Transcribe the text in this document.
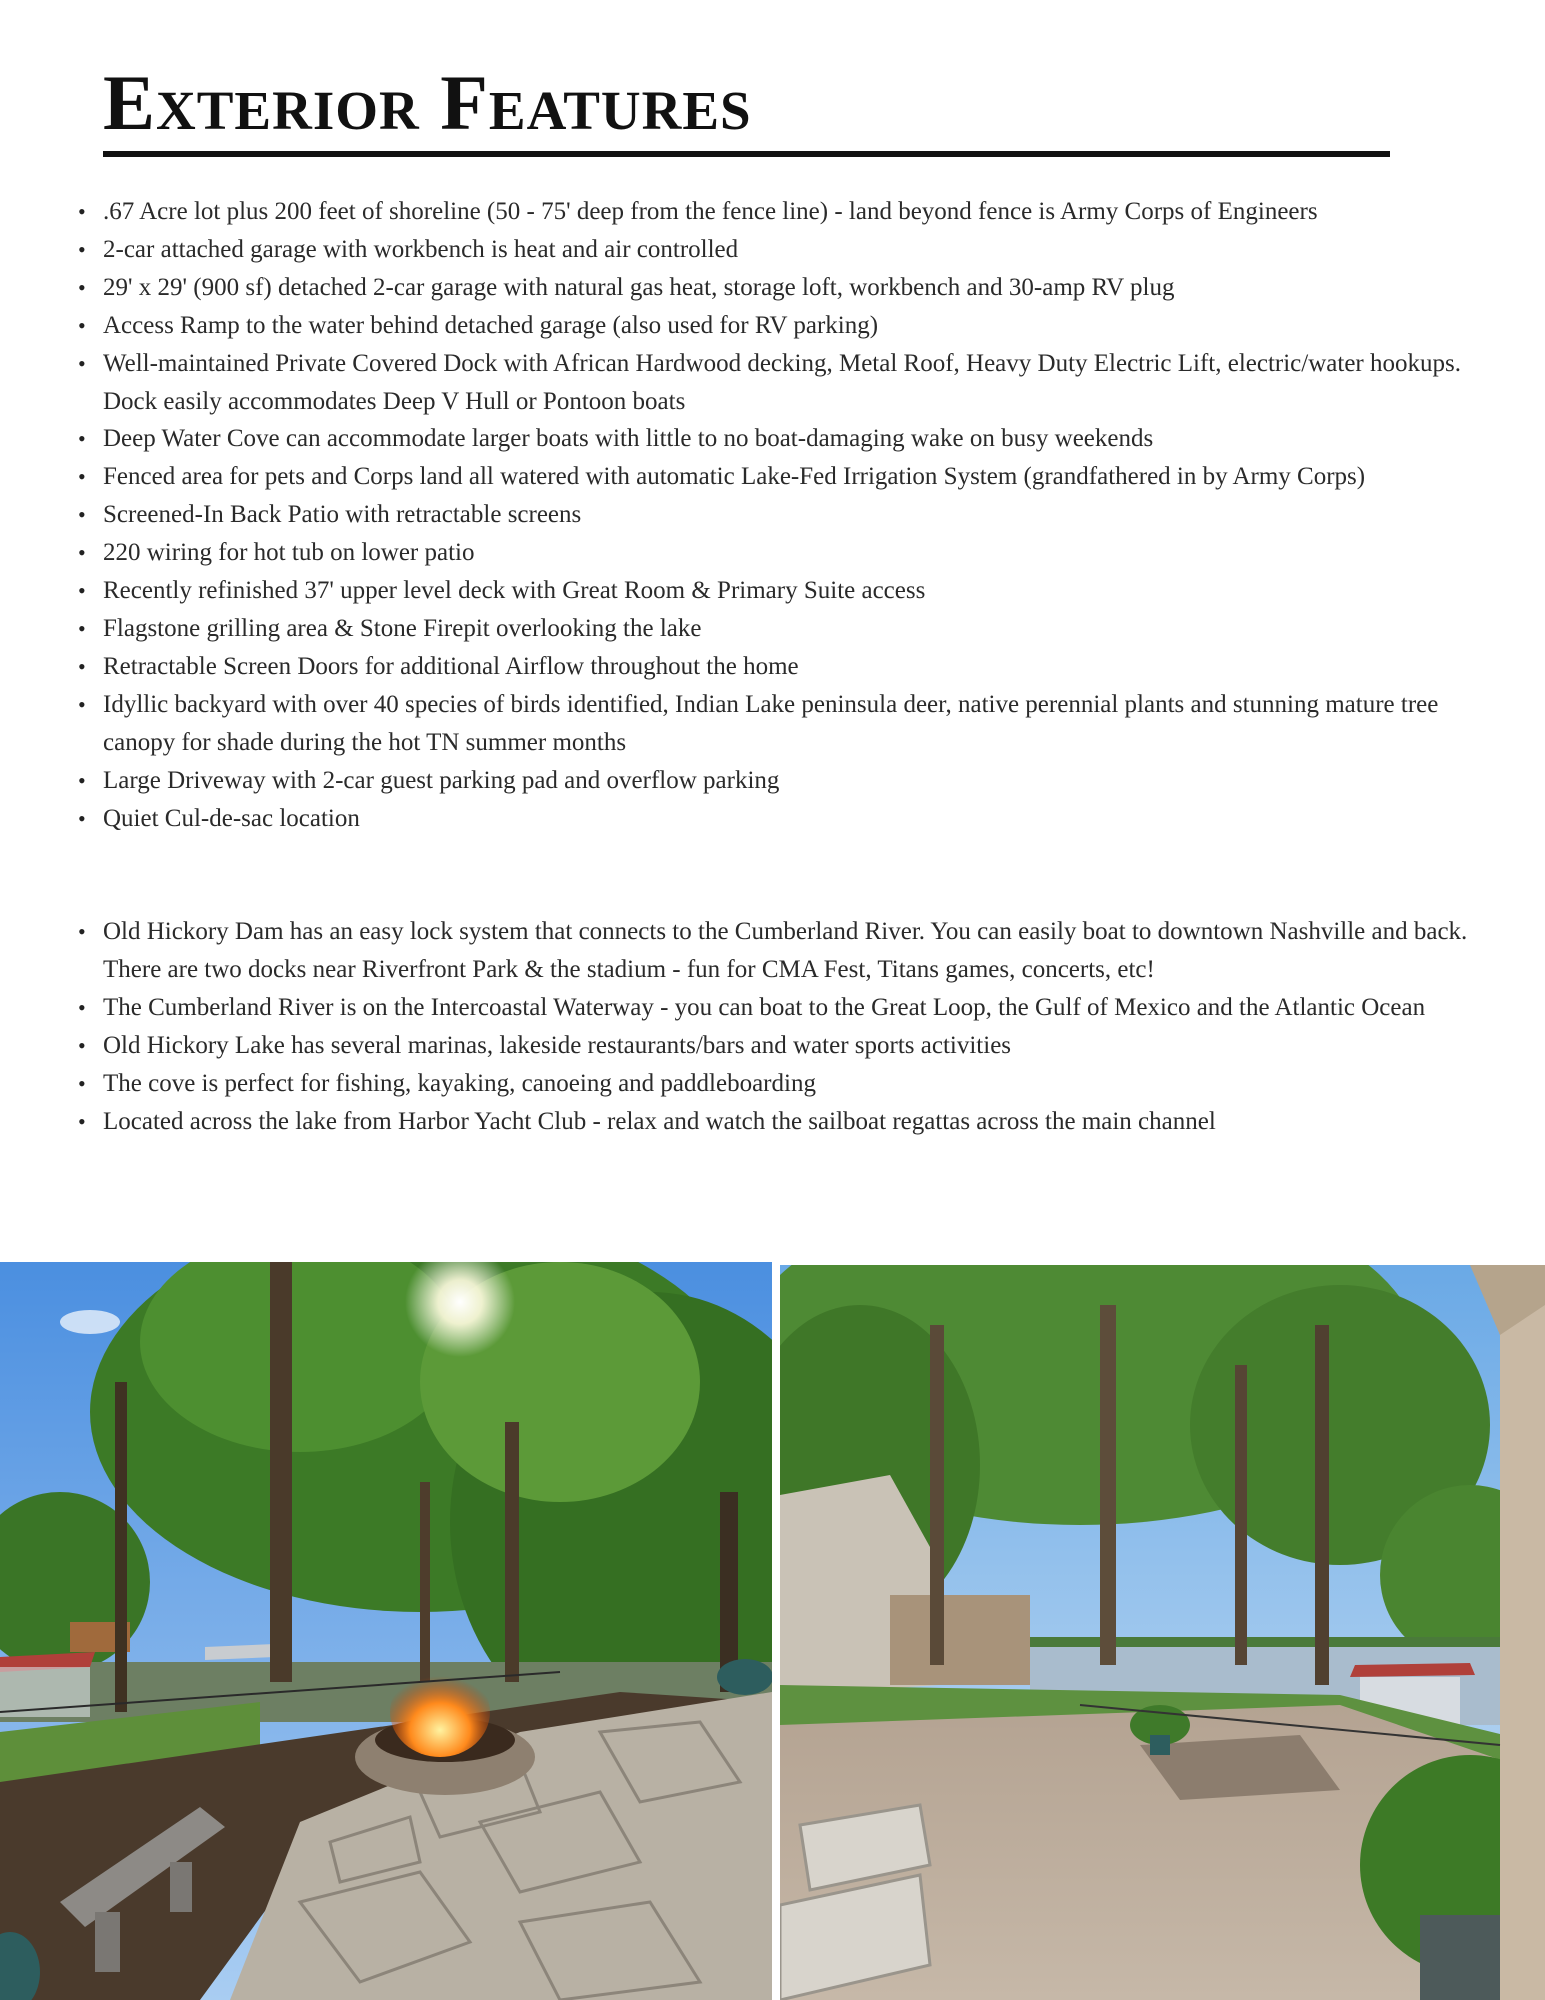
Exterior Features
• .67 Acre lot plus 200 feet of shoreline (50 - 75' deep from the fence line) - land beyond fence is Army Corps of Engineers
• 2-car attached garage with workbench is heat and air controlled
• 29' x 29' (900 sf) detached 2-car garage with natural gas heat, storage loft, workbench and 30-amp RV plug
• Access Ramp to the water behind detached garage (also used for RV parking)
• Well-maintained Private Covered Dock with African Hardwood decking, Metal Roof, Heavy Duty Electric Lift, electric/water hookups. Dock easily accommodates Deep V Hull or Pontoon boats
• Deep Water Cove can accommodate larger boats with little to no boat-damaging wake on busy weekends
• Fenced area for pets and Corps land all watered with automatic Lake-Fed Irrigation System (grandfathered in by Army Corps)
• Screened-In Back Patio with retractable screens
• 220 wiring for hot tub on lower patio
• Recently refinished 37' upper level deck with Great Room & Primary Suite access
• Flagstone grilling area & Stone Firepit overlooking the lake
• Retractable Screen Doors for additional Airflow throughout the home
• Idyllic backyard with over 40 species of birds identified, Indian Lake peninsula deer, native perennial plants and stunning mature tree canopy for shade during the hot TN summer months
• Large Driveway with 2-car guest parking pad and overflow parking
• Quiet Cul-de-sac location
• Old Hickory Dam has an easy lock system that connects to the Cumberland River. You can easily boat to downtown Nashville and back. There are two docks near Riverfront Park & the stadium - fun for CMA Fest, Titans games, concerts, etc!
• The Cumberland River is on the Intercoastal Waterway - you can boat to the Great Loop, the Gulf of Mexico and the Atlantic Ocean
• Old Hickory Lake has several marinas, lakeside restaurants/bars and water sports activities
• The cove is perfect for fishing, kayaking, canoeing and paddleboarding
• Located across the lake from Harbor Yacht Club - relax and watch the sailboat regattas across the main channel
